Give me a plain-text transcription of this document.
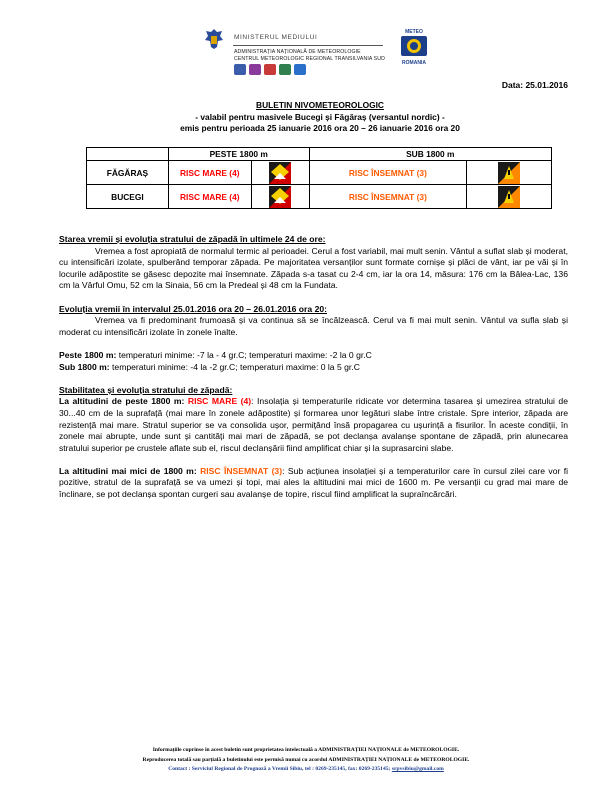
MINISTERUL MEDIULUI
ADMINISTRAȚIA NAȚIONALĂ DE METEOROLOGIE
CENTRUL METEOROLOGIC REGIONAL TRANSILVANIA SUD
METEO
ROMANIA
Data: 25.01.2016
BULETIN NIVOMETEOROLOGIC
- valabil pentru masivele Bucegi și Făgăraș (versantul nordic) -
emis pentru perioada 25 ianuarie 2016 ora 20 – 26 ianuarie 2016 ora 20
	PESTE 1800 m		SUB 1800 m	
FĂGĂRAȘ	RISC MARE (4)		RISC ÎNSEMNAT (3)	
BUCEGI	RISC MARE (4)		RISC ÎNSEMNAT (3)	

Starea vremii și evoluția stratului de zăpadă în ultimele 24 de ore:

Vremea a fost apropiată de normalul termic al perioadei. Cerul a fost variabil, mai mult senin. Vântul a suflat slab și moderat, cu intensificări izolate, spulberând temporar zăpada. Pe majoritatea versanților sunt formate cornișe și plăci de vânt, iar pe văi și în locurile adăpostite se găsesc depozite mai însemnate. Zăpada s-a tasat cu 2-4 cm, iar la ora 14, măsura: 176 cm la Bâlea-Lac, 136 cm la Vârful Omu, 52 cm la Sinaia, 56 cm la Predeal și 48 cm la Fundata.

Evoluția vremii în intervalul 25.01.2016 ora 20 – 26.01.2016 ora 20:

Vremea va fi predominant frumoasă și va continua să se încălzească. Cerul va fi mai mult senin. Vântul va sufla slab și moderat cu intensificări izolate în zonele înalte.

Peste 1800 m: temperaturi minime: -7 la - 4 gr.C; temperaturi maxime: -2 la 0 gr.C

Sub 1800 m: temperaturi minime: -4 la -2 gr.C; temperaturi maxime: 0 la 5 gr.C

Stabilitatea și evoluția stratului de zăpadă:

La altitudini de peste 1800 m: RISC MARE (4): Insolația și temperaturile ridicate vor determina tasarea și umezirea stratului de 30...40 cm de la suprafață (mai mare în zonele adăpostite) și formarea unor legături slabe între cristale. Spre interior, zăpada are rezistență mai mare. Stratul superior se va consolida ușor, permițând însă propagarea cu ușurință a fisurilor. În aceste condiții, în zonele mai abrupte, unde sunt și cantități mai mari de zăpadă, se pot declanșa avalanșe spontane de zăpadă, prin alunecarea stratului superior pe crustele aflate sub el, riscul declanșării fiind amplificat chiar și la suprasarcini slabe.

La altitudini mai mici de 1800 m: RISC ÎNSEMNAT (3): Sub acțiunea insolației și a temperaturilor care în cursul zilei care vor fi pozitive, stratul de la suprafață se va umezi și topi, mai ales la altitudini mai mici de 1600 m. Pe versanții cu grad mai mare de înclinare, se pot declanșa spontan curgeri sau avalanșe de topire, riscul fiind amplificat la supraîncărcări.

Informațiile cuprinse în acest buletin sunt proprietatea intelectuală a ADMINISTRAȚIEI NAȚIONALE de METEOROLOGIE.
Reproducerea totală sau parțială a buletinului este permisă numai cu acordul ADMINISTRAȚIEI NAȚIONALE de METEOROLOGIE.
Contact : Serviciul Regional de Prognoză a Vremii Sibiu, tel : 0269-235145, fax: 0269-235145; srpvsibiu@gmail.com
